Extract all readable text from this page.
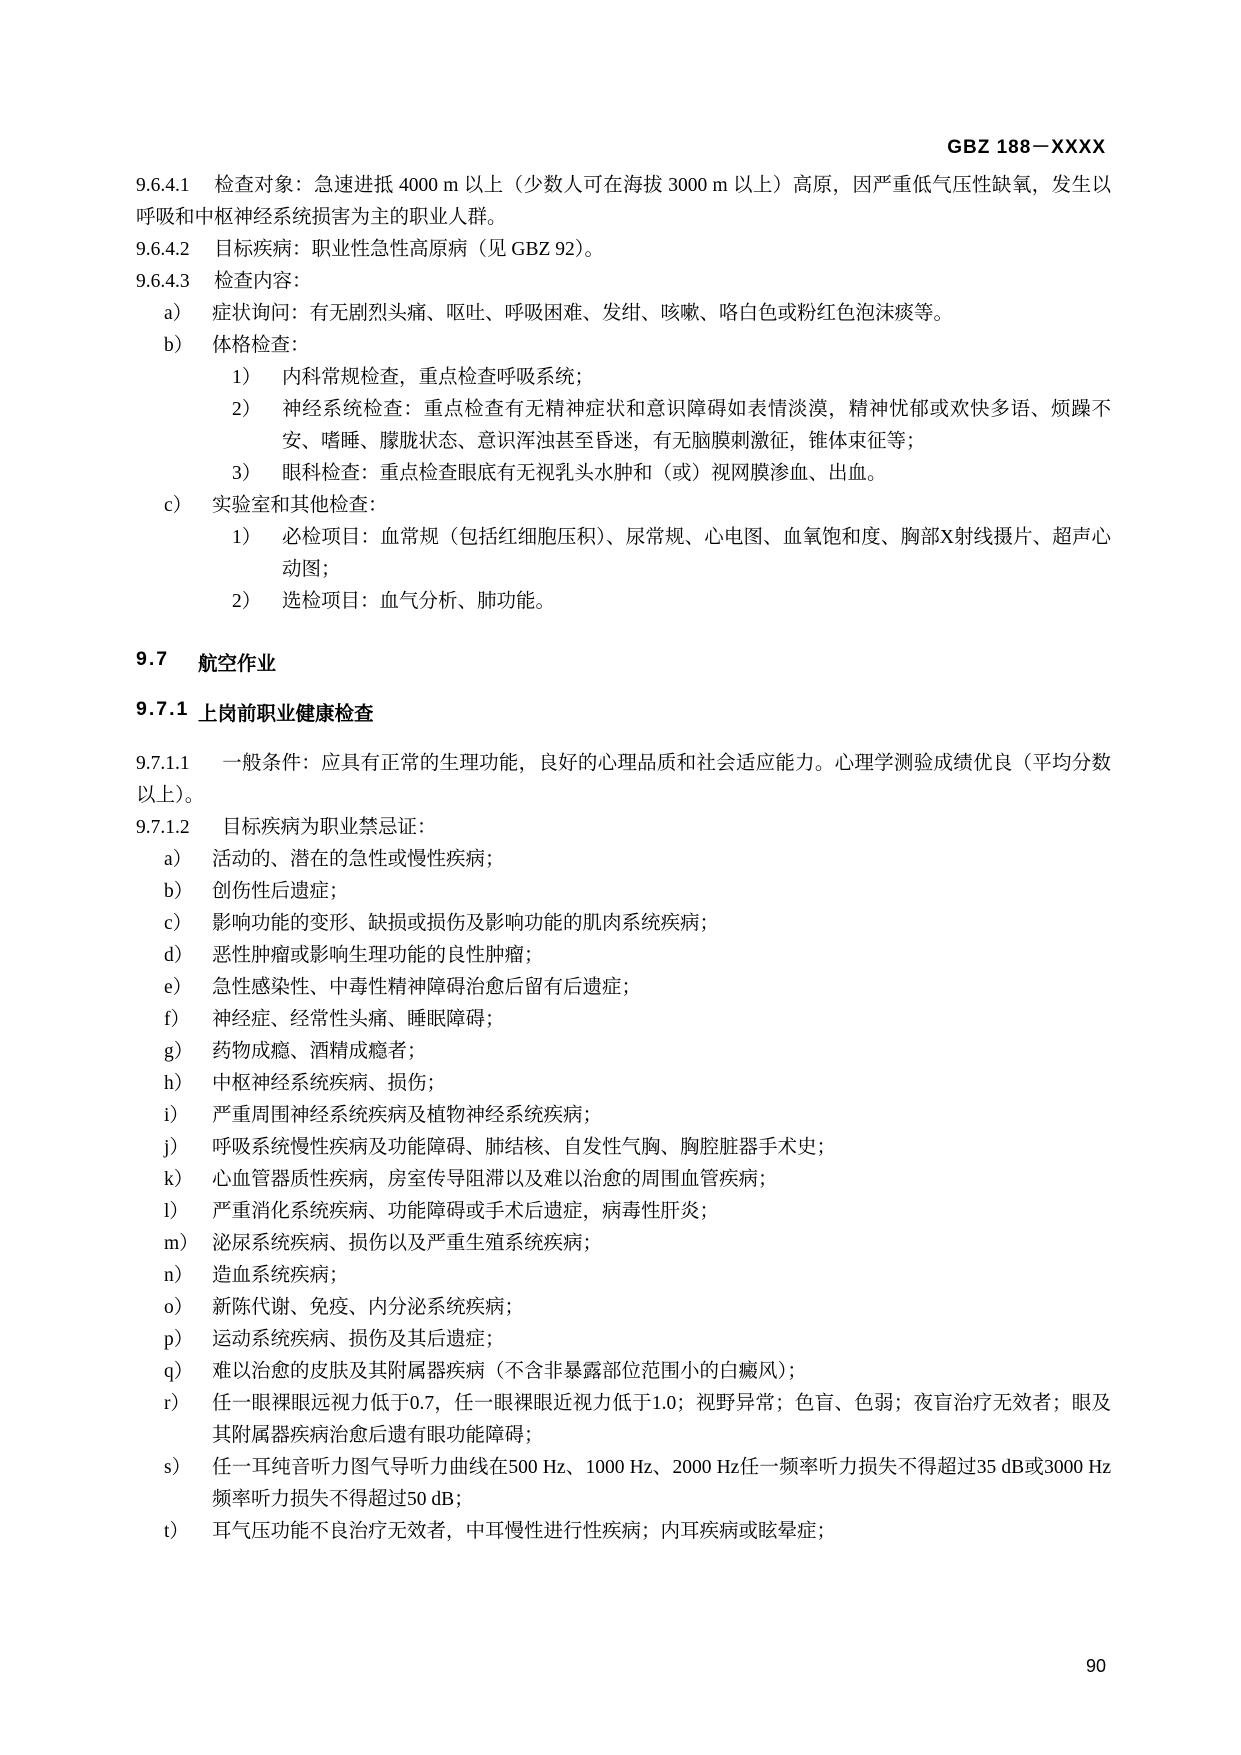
GBZ 188－XXXX

9.6.4.1 检查对象：急速进抵 4000 m 以上（少数人可在海拔 3000 m 以上）高原，因严重低气压性缺氧，发生以呼吸和中枢神经系统损害为主的职业人群。

9.6.4.2 目标疾病：职业性急性高原病（见 GBZ 92）。

9.6.4.3 检查内容：

a）	症状询问：有无剧烈头痛、呕吐、呼吸困难、发绀、咳嗽、咯白色或粉红色泡沫痰等。
b） 体格检查：
1）	内科常规检查，重点检查呼吸系统；
2）	神经系统检查：重点检查有无精神症状和意识障碍如表情淡漠，精神忧郁或欢快多语、烦躁不安、嗜睡、朦胧状态、意识浑浊甚至昏迷，有无脑膜刺激征，锥体束征等；
3）	眼科检查：重点检查眼底有无视乳头水肿和（或）视网膜渗血、出血。
c）	实验室和其他检查：
1）	必检项目：血常规（包括红细胞压积）、尿常规、心电图、血氧饱和度、胸部X射线摄片、超声心动图；
2）	选检项目：血气分析、肺功能。
9.7	航空作业
9.7.1 上岗前职业健康检查

9.7.1.1 一般条件：应具有正常的生理功能，良好的心理品质和社会适应能力。心理学测验成绩优良（平均分数以上）。

9.7.1.2 目标疾病为职业禁忌证：

a）	活动的、潜在的急性或慢性疾病；
b） 创伤性后遗症；
c）	影响功能的变形、缺损或损伤及影响功能的肌肉系统疾病；
d） 恶性肿瘤或影响生理功能的良性肿瘤；
e）	急性感染性、中毒性精神障碍治愈后留有后遗症；
f）	神经症、经常性头痛、睡眠障碍；
g） 药物成瘾、酒精成瘾者；
h） 中枢神经系统疾病、损伤；
i）	严重周围神经系统疾病及植物神经系统疾病；
j）	呼吸系统慢性疾病及功能障碍、肺结核、自发性气胸、胸腔脏器手术史；
k） 心血管器质性疾病，房室传导阻滞以及难以治愈的周围血管疾病；
l）	严重消化系统疾病、功能障碍或手术后遗症，病毒性肝炎；
m） 泌尿系统疾病、损伤以及严重生殖系统疾病；
n） 造血系统疾病；
o） 新陈代谢、免疫、内分泌系统疾病；
p） 运动系统疾病、损伤及其后遗症；
q） 难以治愈的皮肤及其附属器疾病（不含非暴露部位范围小的白癜风）；
r）	任一眼裸眼远视力低于0.7，任一眼裸眼近视力低于1.0；视野异常；色盲、色弱；夜盲治疗无效者；眼及其附属器疾病治愈后遗有眼功能障碍；
s）	任一耳纯音听力图气导听力曲线在500 Hz、1000 Hz、2000 Hz任一频率听力损失不得超过35 dB或3000 Hz频率听力损失不得超过50 dB；
t）	耳气压功能不良治疗无效者，中耳慢性进行性疾病；内耳疾病或眩晕症；
90
